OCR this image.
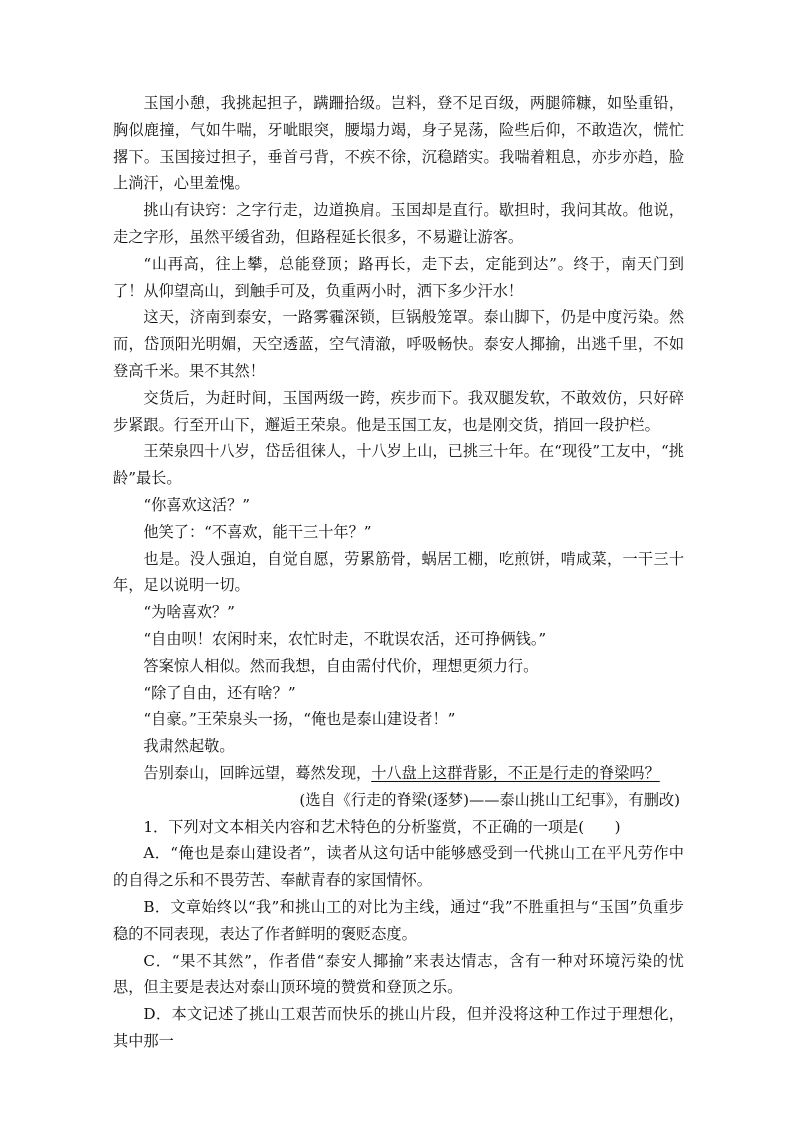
玉国小憩，我挑起担子，蹒跚拾级。岂料，登不足百级，两腿筛糠，如坠重铅，胸似鹿撞，气如牛喘，牙呲眼突，腰塌力竭，身子晃荡，险些后仰，不敢造次，慌忙撂下。玉国接过担子，垂首弓背，不疾不徐，沉稳踏实。我喘着粗息，亦步亦趋，脸上淌汗，心里羞愧。

挑山有诀窍：之字行走，边道换肩。玉国却是直行。歇担时，我问其故。他说，走之字形，虽然平缓省劲，但路程延长很多，不易避让游客。

“山再高，往上攀，总能登顶；路再长，走下去，定能到达”。终于，南天门到了！从仰望高山，到触手可及，负重两小时，洒下多少汗水！

这天，济南到泰安，一路雾霾深锁，巨锅般笼罩。泰山脚下，仍是中度污染。然而，岱顶阳光明媚，天空透蓝，空气清澈，呼吸畅快。泰安人揶揄，出逃千里，不如登高千米。果不其然！

交货后，为赶时间，玉国两级一跨，疾步而下。我双腿发软，不敢效仿，只好碎步紧跟。行至开山下，邂逅王荣泉。他是玉国工友，也是刚交货，捎回一段护栏。

王荣泉四十八岁，岱岳徂徕人，十八岁上山，已挑三十年。在“现役”工友中，“挑龄”最长。

“你喜欢这活？”

他笑了：“不喜欢，能干三十年？”

也是。没人强迫，自觉自愿，劳累筋骨，蜗居工棚，吃煎饼，啃咸菜，一干三十年，足以说明一切。

“为啥喜欢？”

“自由呗！农闲时来，农忙时走，不耽误农活，还可挣俩钱。”

答案惊人相似。然而我想，自由需付代价，理想更须力行。

“除了自由，还有啥？”

“自豪。”王荣泉头一扬，“俺也是泰山建设者！”

我肃然起敬。

告别泰山，回眸远望，蓦然发现，十八盘上这群背影，不正是行走的脊梁吗？

(选自《行走的脊梁(逐梦)——泰山挑山工纪事》，有删改)

1．下列对文本相关内容和艺术特色的分析鉴赏，不正确的一项是(　　)

A．“俺也是泰山建设者”，读者从这句话中能够感受到一代挑山工在平凡劳作中的自得之乐和不畏劳苦、奉献青春的家国情怀。

B．文章始终以“我”和挑山工的对比为主线，通过“我”不胜重担与“玉国”负重步稳的不同表现，表达了作者鲜明的褒贬态度。

C．“果不其然”，作者借“泰安人揶揄”来表达情志，含有一种对环境污染的忧思，但主要是表达对泰山顶环境的赞赏和登顶之乐。

D．本文记述了挑山工艰苦而快乐的挑山片段，但并没将这种工作过于理想化，其中那一
